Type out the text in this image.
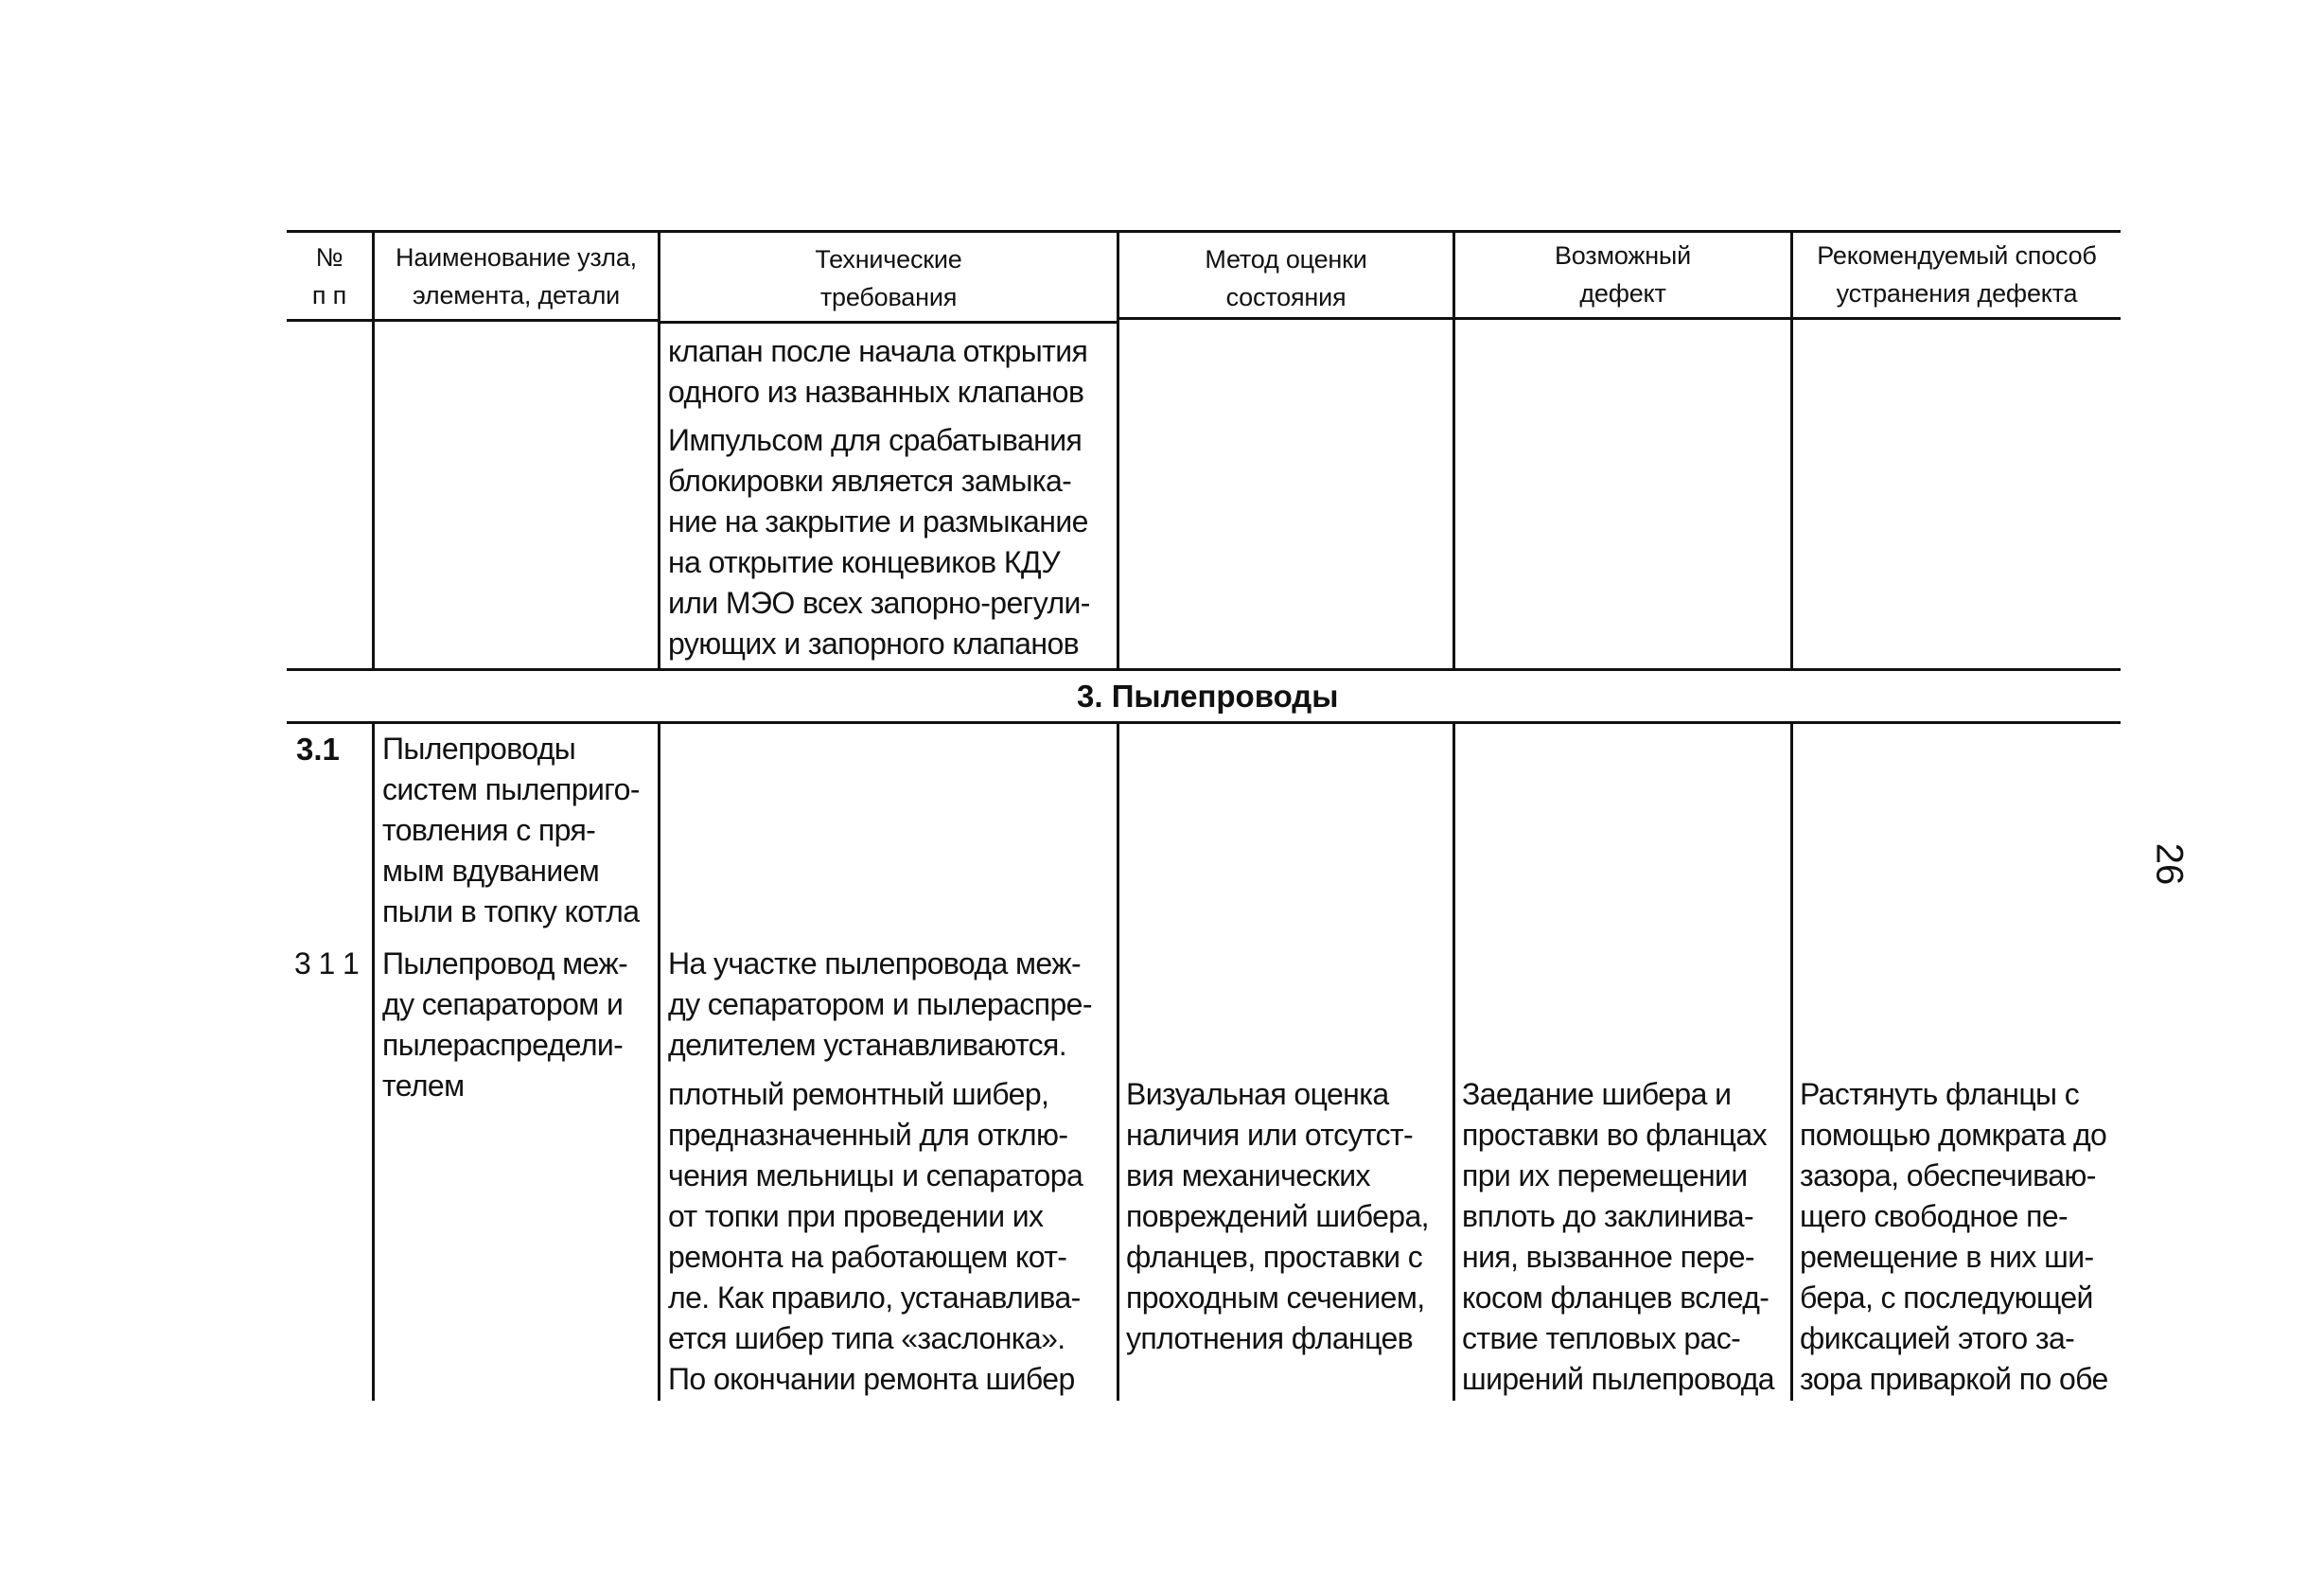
№
п п
Наименование узла,
элемента, детали
Технические
требования
Метод оценки
состояния
Возможный
дефект
Рекомендуемый способ
устранения дефекта
клапан после начала открытия
одного из названных клапанов
Импульсом для срабатывания
блокировки является замыка-
ние на закрытие и размыкание
на открытие концевиков КДУ
или МЭО всех запорно-регули-
рующих и запорного клапанов
3. Пылепроводы
3.1 Пылепроводы
систем пылеприго-
товления с пря-
мым вдуванием
пыли в топку котла
3 1 1 Пылепровод меж-
ду сепаратором и
пылераспредели-
телем
На участке пылепровода меж-
ду сепаратором и пылераспре-
делителем устанавливаются.
плотный ремонтный шибер,
предназначенный для отклю-
чения мельницы и сепаратора
от топки при проведении их
ремонта на работающем кот-
ле. Как правило, устанавлива-
ется шибер типа «заслонка».
По окончании ремонта шибер
Визуальная оценка
наличия или отсутст-
вия механических
повреждений шибера,
фланцев, проставки с
проходным сечением,
уплотнения фланцев
Заедание шибера и
проставки во фланцах
при их перемещении
вплоть до заклинива-
ния, вызванное пере-
косом фланцев вслед-
ствие тепловых рас-
ширений пылепровода
Растянуть фланцы с
помощью домкрата до
зазора, обеспечиваю-
щего свободное пе-
ремещение в них ши-
бера, с последующей
фиксацией этого за-
зора приваркой по обе
26
